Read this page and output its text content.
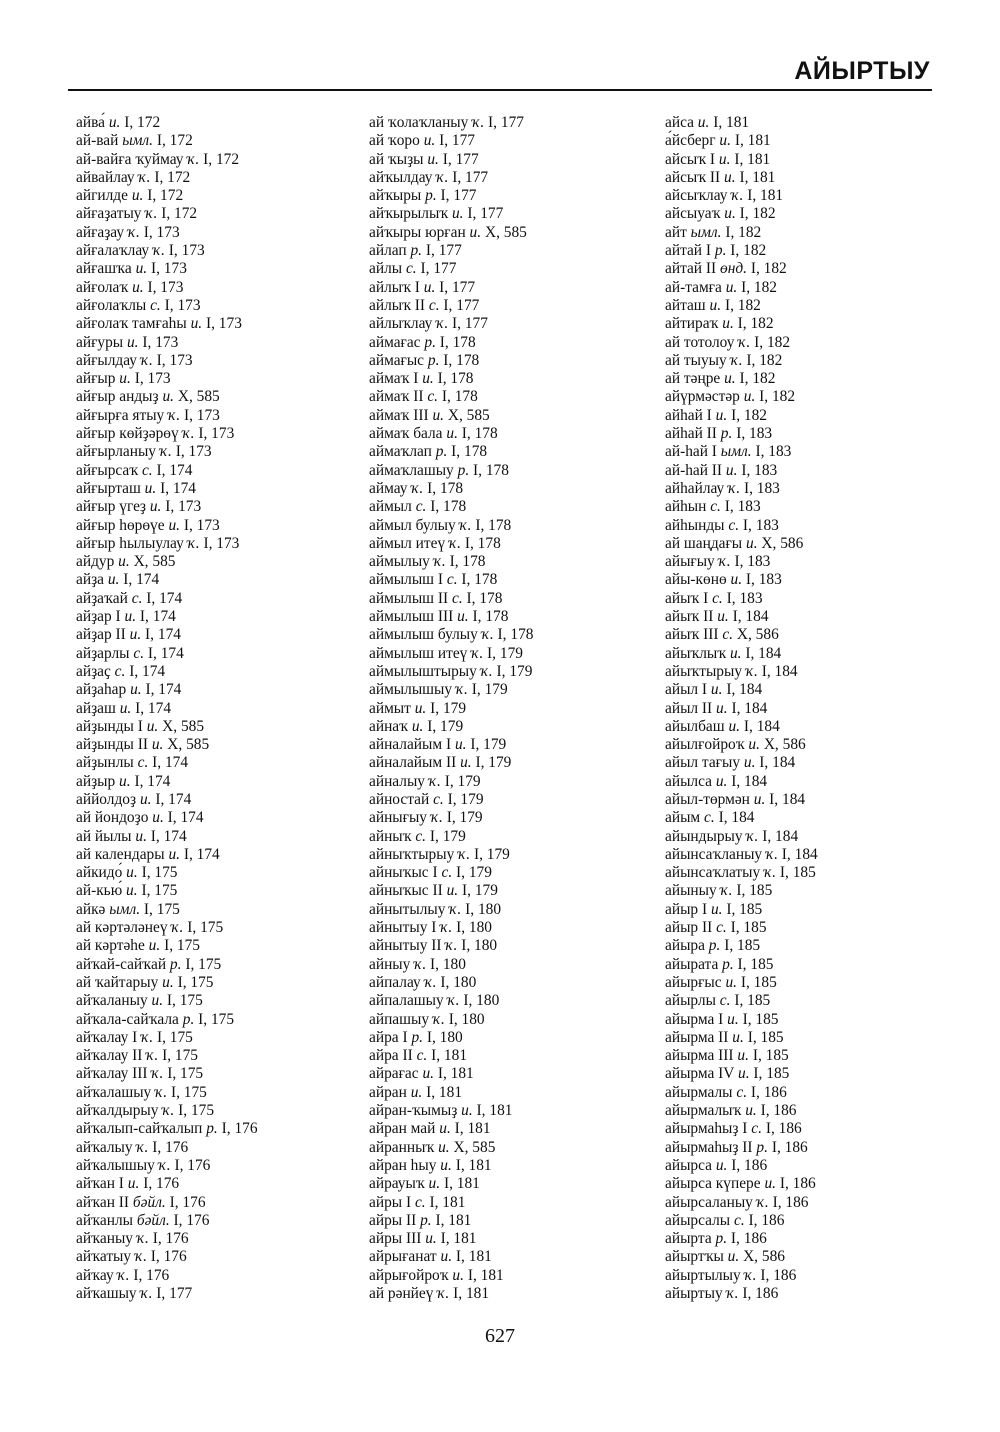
АЙЫРТЫУ
айва́ и. I, 172
ай-вай ымл. I, 172
ай-вайға ҡуймау ҡ. I, 172
айвайлау ҡ. I, 172
айгилде и. I, 172
айғаҙатыу ҡ. I, 172
айғаҙау ҡ. I, 173
айғалаҡлау ҡ. I, 173
айғашҡа и. I, 173
айғолаҡ и. I, 173
айғолаҡлы с. I, 173
айғолаҡ тамғаһы и. I, 173
айғуры и. I, 173
айғылдау ҡ. I, 173
айғыр и. I, 173
айғыр андыҙ и. X, 585
айғырға ятыу ҡ. I, 173
айғыр көйҙәрөү ҡ. I, 173
айғырланыу ҡ. I, 173
айғырсаҡ с. I, 174
айғырташ и. I, 174
айғыр үгеҙ и. I, 173
айғыр һөрөүе и. I, 173
айғыр һылыулау ҡ. I, 173
айдур и. X, 585
айҙа и. I, 174
айҙаҡай с. I, 174
айҙар I и. I, 174
айҙар II и. I, 174
айҙарлы с. I, 174
айҙаҫ с. I, 174
айҙаһар и. I, 174
айҙаш и. I, 174
айҙынды I и. X, 585
айҙынды II и. X, 585
айҙынлы с. I, 174
айҙыр и. I, 174
аййолдоҙ и. I, 174
ай йондоҙо и. I, 174
ай йылы и. I, 174
ай календары и. I, 174
айкидо́ и. I, 175
ай-кью́ и. I, 175
айкә ымл. I, 175
ай кәртәләнеү ҡ. I, 175
ай кәртәһе и. I, 175
айҡай-сайҡай р. I, 175
ай ҡайтарыу и. I, 175
айҡаланыу и. I, 175
айҡала-сайҡала р. I, 175
айҡалау I ҡ. I, 175
айҡалау II ҡ. I, 175
айҡалау III ҡ. I, 175
айҡалашыу ҡ. I, 175
айҡалдырыу ҡ. I, 175
айҡалып-сайҡалып р. I, 176
айҡалыу ҡ. I, 176
айҡалышыу ҡ. I, 176
айҡан I и. I, 176
айҡан II бәйл. I, 176
айҡанлы бәйл. I, 176
айҡаныу ҡ. I, 176
айҡатыу ҡ. I, 176
айҡау ҡ. I, 176
айҡашыу ҡ. I, 177
ай ҡолаҡланыу ҡ. I, 177
ай ҡоро и. I, 177
ай ҡыҙы и. I, 177
айҡылдау ҡ. I, 177
айҡыры р. I, 177
айҡырылыҡ и. I, 177
айҡыры юрған и. X, 585
айлап р. I, 177
айлы с. I, 177
айлыҡ I и. I, 177
айлыҡ II с. I, 177
айлыҡлау ҡ. I, 177
аймағас р. I, 178
аймағыс р. I, 178
аймаҡ I и. I, 178
аймаҡ II с. I, 178
аймаҡ III и. X, 585
аймаҡ бала и. I, 178
аймаҡлап р. I, 178
аймаҡлашыу р. I, 178
аймау ҡ. I, 178
аймыл с. I, 178
аймыл булыу ҡ. I, 178
аймыл итеү ҡ. I, 178
аймылыу ҡ. I, 178
аймылыш I с. I, 178
аймылыш II с. I, 178
аймылыш III и. I, 178
аймылыш булыу ҡ. I, 178
аймылыш итеү ҡ. I, 179
аймылыштырыу ҡ. I, 179
аймылышыу ҡ. I, 179
аймыт и. I, 179
айнаҡ и. I, 179
айналайым I и. I, 179
айналайым II и. I, 179
айналыу ҡ. I, 179
айностай с. I, 179
айнығыу ҡ. I, 179
айныҡ с. I, 179
айныҡтырыу ҡ. I, 179
айныҡыс I с. I, 179
айныҡыс II и. I, 179
айнытылыу ҡ. I, 180
айнытыу I ҡ. I, 180
айнытыу II ҡ. I, 180
айныу ҡ. I, 180
айпалау ҡ. I, 180
айпалашыу ҡ. I, 180
айпашыу ҡ. I, 180
айра I р. I, 180
айра II с. I, 181
айрағас и. I, 181
айран и. I, 181
айран-ҡымыҙ и. I, 181
айран май и. I, 181
айранныҡ и. X, 585
айран һыу и. I, 181
айрауыҡ и. I, 181
айры I с. I, 181
айры II р. I, 181
айры III и. I, 181
айрығанат и. I, 181
айрығойроҡ и. I, 181
ай рәнйеү ҡ. I, 181
айса и. I, 181
а́йсберг и. I, 181
айсыҡ I и. I, 181
айсыҡ II и. I, 181
айсыҡлау ҡ. I, 181
айсыуаҡ и. I, 182
айт ымл. I, 182
айтай I р. I, 182
айтай II өнд. I, 182
ай-тамға и. I, 182
айташ и. I, 182
айтираҡ и. I, 182
ай тотолоу ҡ. I, 182
ай тыуыу ҡ. I, 182
ай тәңре и. I, 182
айүрмәстәр и. I, 182
айһай I и. I, 182
айһай II р. I, 183
ай-һай I ымл. I, 183
ай-һай II и. I, 183
айһайлау ҡ. I, 183
айһын с. I, 183
айһынды с. I, 183
ай шаңдағы и. X, 586
айығыу ҡ. I, 183
айы-көнө и. I, 183
айыҡ I с. I, 183
айыҡ II и. I, 184
айыҡ III с. X, 586
айыҡлыҡ и. I, 184
айыҡтырыу ҡ. I, 184
айыл I и. I, 184
айыл II и. I, 184
айылбаш и. I, 184
айылғойроҡ и. X, 586
айыл тағыу и. I, 184
айылса и. I, 184
айыл-төрмән и. I, 184
айым с. I, 184
айындырыу ҡ. I, 184
айынсаҡланыу ҡ. I, 184
айынсаҡлатыу ҡ. I, 185
айыныу ҡ. I, 185
айыр I и. I, 185
айыр II с. I, 185
айыра р. I, 185
айырата р. I, 185
айырғыс и. I, 185
айырлы с. I, 185
айырма I и. I, 185
айырма II и. I, 185
айырма III и. I, 185
айырма IV и. I, 185
айырмалы с. I, 186
айырмалыҡ и. I, 186
айырмаһыҙ I с. I, 186
айырмаһыҙ II р. I, 186
айырса и. I, 186
айырса күпере и. I, 186
айырсаланыу ҡ. I, 186
айырсалы с. I, 186
айырта р. I, 186
айыртҡы и. X, 586
айыртылыу ҡ. I, 186
айыртыу ҡ. I, 186
627
